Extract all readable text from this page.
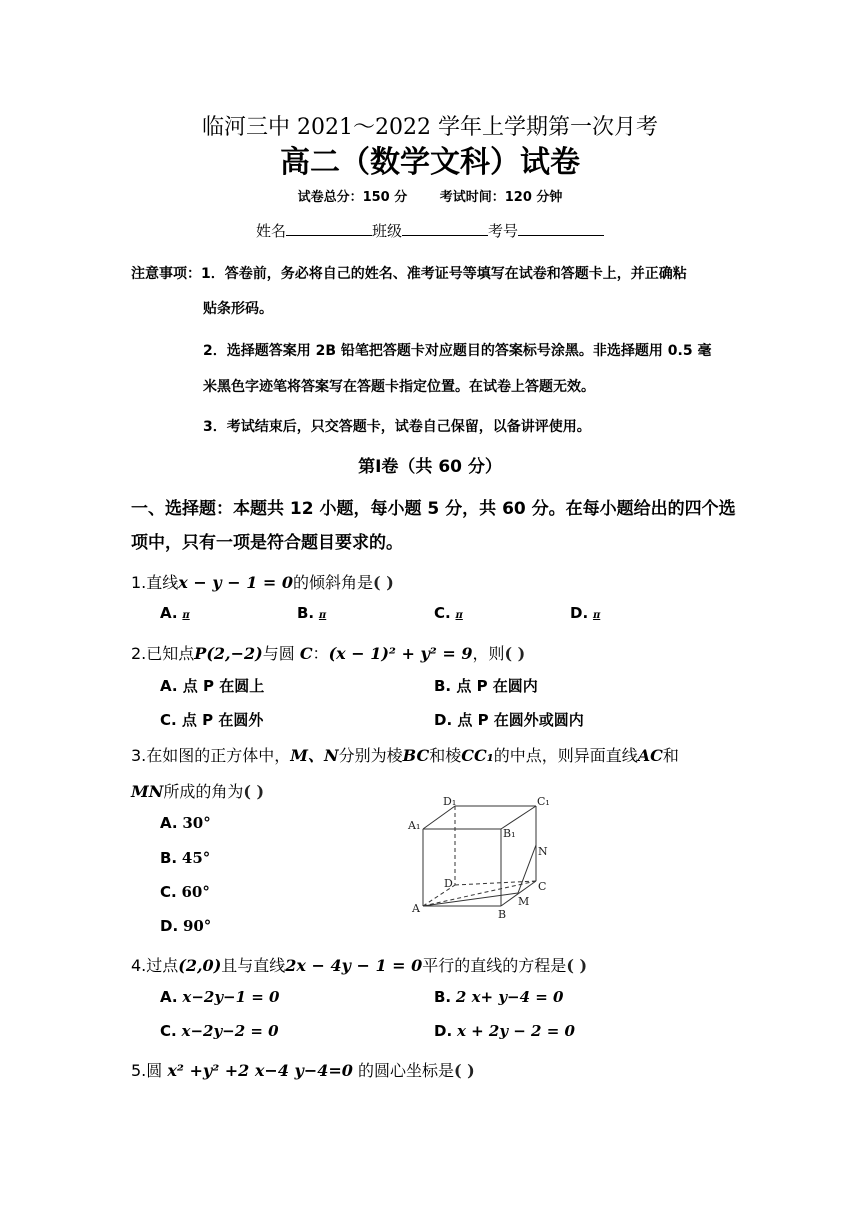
临河三中 2021～2022 学年上学期第一次月考
高二（数学文科）试卷
试卷总分：150 分	考试时间：120 分钟
姓名	班级	考号
注意事项：1．答卷前，务必将自己的姓名、准考证号等填写在试卷和答题卡上，并正确粘
贴条形码。
2．选择题答案用 2B 铅笔把答题卡对应题目的答案标号涂黑。非选择题用 0.5 毫
米黑色字迹笔将答案写在答题卡指定位置。在试卷上答题无效。
3．考试结束后，只交答题卡，试卷自己保留，以备讲评使用。
第Ⅰ卷（共 60 分）
一、选择题：本题共 12 小题，每小题 5 分，共 60 分。在每小题给出的四个选
项中，只有一项是符合题目要求的。
1.直线x − y − 1 = 0的倾斜角是( )
A. π	B. π	C. π	D. π
2.已知点P(2,−2)与圆 C：(x − 1)² + y² = 9，则( )
A. 点 P 在圆上	B. 点 P 在圆内
C. 点 P 在圆外	D. 点 P 在圆外或圆内
3.在如图的正方体中，M、N分别为棱BC和棱CC₁的中点，则异面直线AC和
MN所成的角为( )
A. 30°
B. 45°
C. 60°
D. 90°
D₁	C₁
A₁
B₁
N
D	C
M
A	B
4.过点(2,0)且与直线2x − 4y − 1 = 0平行的直线的方程是( )
A. x−2y−1 = 0	B. 2 x+ y−4 = 0
C. x−2y−2 = 0	D. x + 2y − 2 = 0
5.圆 x² +y² +2 x−4 y−4=0 的圆心坐标是( )
